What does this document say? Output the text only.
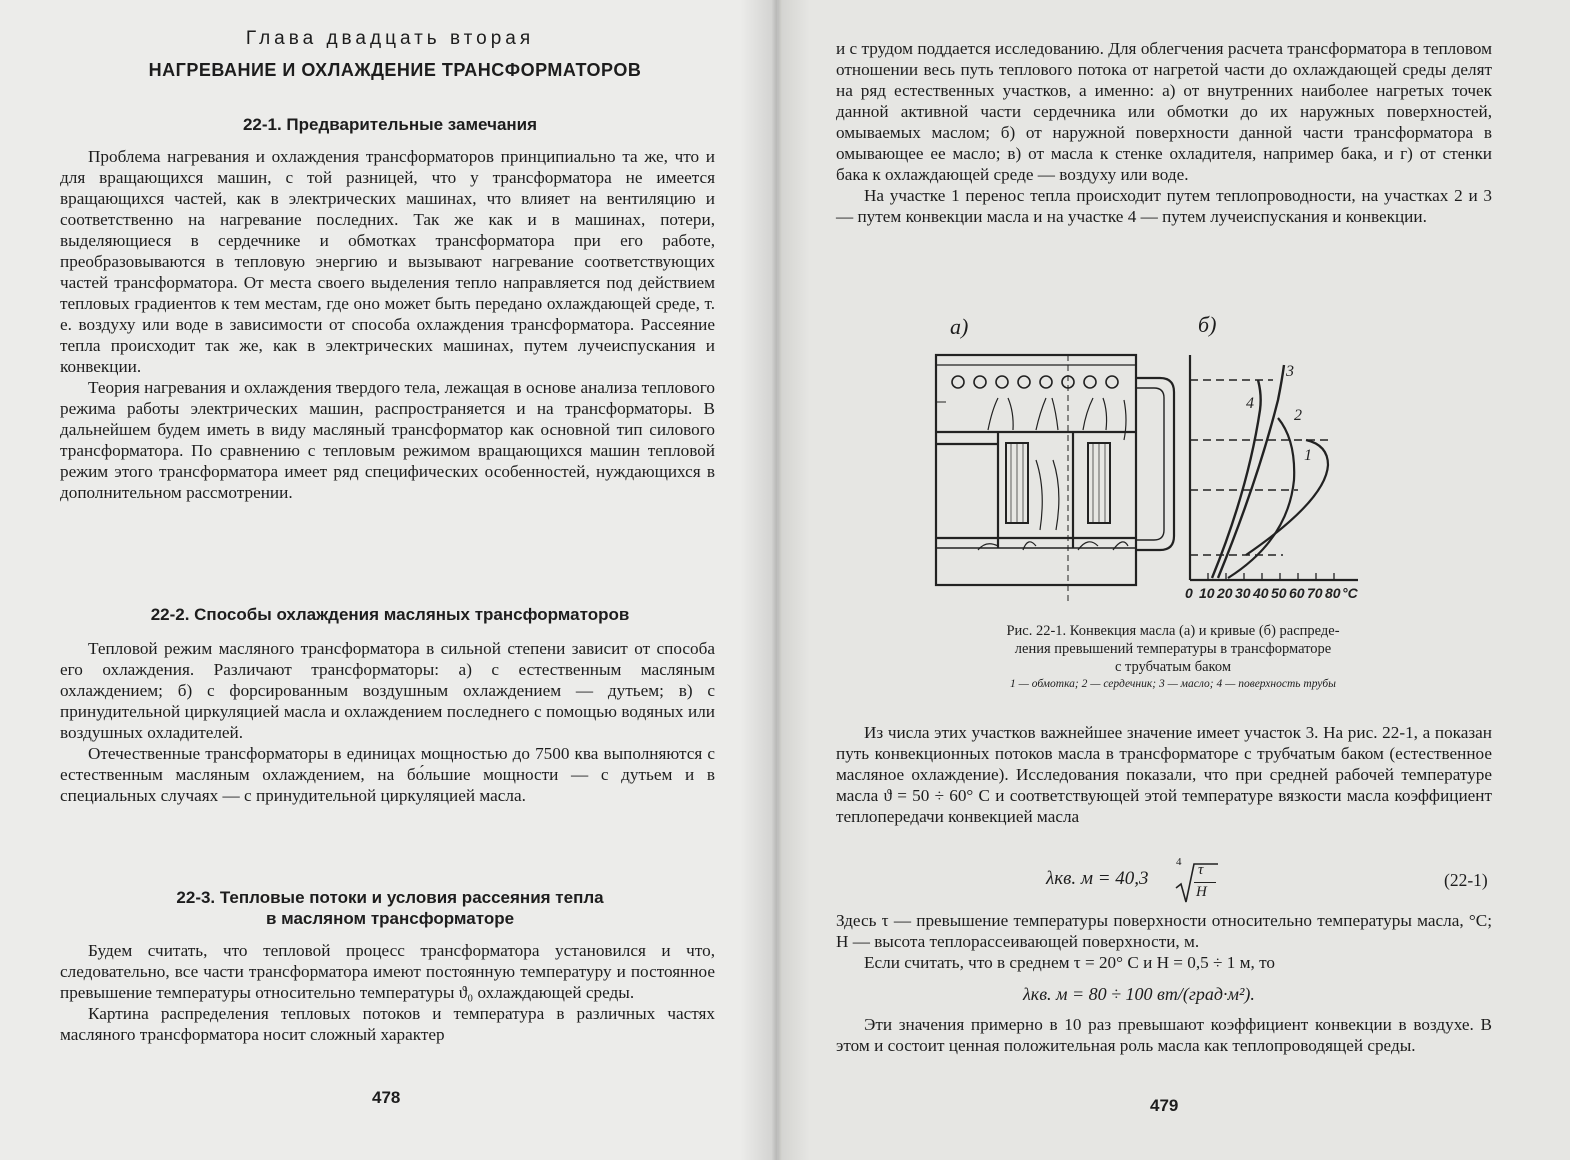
Глава двадцать вторая
НАГРЕВАНИЕ И ОХЛАЖДЕНИЕ ТРАНСФОРМАТОРОВ
22-1. Предварительные замечания

Проблема нагревания и охлаждения трансформаторов принципиально та же, что и для вращающихся машин, с той разницей, что у трансформатора не имеется вращающихся частей, как в электрических машинах, что влияет на вентиляцию и соответственно на нагревание последних. Так же как и в машинах, потери, выделяющиеся в сердечнике и обмотках трансформатора при его работе, преобразовываются в тепловую энергию и вызывают нагревание соответствующих частей трансформатора. От места своего выделения тепло направляется под действием тепловых градиентов к тем местам, где оно может быть передано охлаждающей среде, т. е. воздуху или воде в зависимости от способа охлаждения трансформатора. Рассеяние тепла происходит так же, как в электрических машинах, путем лучеиспускания и конвекции.

Теория нагревания и охлаждения твердого тела, лежащая в основе анализа теплового режима работы электрических машин, распространяется и на трансформаторы. В дальнейшем будем иметь в виду масляный трансформатор как основной тип силового трансформатора. По сравнению с тепловым режимом вращающихся машин тепловой режим этого трансформатора имеет ряд специфических особенностей, нуждающихся в дополнительном рассмотрении.

22-2. Способы охлаждения масляных трансформаторов

Тепловой режим масляного трансформатора в сильной степени зависит от способа его охлаждения. Различают трансформаторы: а) с естественным масляным охлаждением; б) с форсированным воздушным охлаждением — дутьем; в) с принудительной циркуляцией масла и охлаждением последнего с помощью водяных или воздушных охладителей.

Отечественные трансформаторы в единицах мощностью до 7500 ква выполняются с естественным масляным охлаждением, на бо́льшие мощности — с дутьем и в специальных случаях — с принудительной циркуляцией масла.

22-3. Тепловые потоки и условия рассеяния тепла
в масляном трансформаторе

Будем считать, что тепловой процесс трансформатора установился и что, следовательно, все части трансформатора имеют постоянную температуру и постоянное превышение температуры относительно температуры ϑ₀ охлаждающей среды.

Картина распределения тепловых потоков и температура в различных частях масляного трансформатора носит сложный характер

478

и с трудом поддается исследованию. Для облегчения расчета трансформатора в тепловом отношении весь путь теплового потока от нагретой части до охлаждающей среды делят на ряд естественных участков, а именно: а) от внутренних наиболее нагретых точек данной активной части сердечника или обмотки до их наружных поверхностей, омываемых маслом; б) от наружной поверхности данной части трансформатора в омывающее ее масло; в) от масла к стенке охладителя, например бака, и г) от стенки бака к охлаждающей среде — воздуху или воде.

На участке 1 перенос тепла происходит путем теплопроводности, на участках 2 и 3 — путем конвекции масла и на участке 4 — путем лучеиспускания и конвекции.

а)	б)
3
4
2
1
0 10 20 30 40 50 60 70 80 °C
Рис. 22-1. Конвекция масла (а) и кривые (б) распреде-
ления превышений температуры в трансформаторе
с трубчатым баком
1 — обмотка; 2 — сердечник; 3 — масло; 4 — поверхность трубы

Из числа этих участков важнейшее значение имеет участок 3. На рис. 22-1, а показан путь конвекционных потоков масла в трансформаторе с трубчатым баком (естественное масляное охлаждение). Исследования показали, что при средней рабочей температуре масла ϑ = 50 ÷ 60° C и соответствующей этой температуре вязкости масла коэффициент теплопередачи конвекцией масла

λкв. м = 40,3
4 τ
H
(22-1)

Здесь τ — превышение температуры поверхности относительно температуры масла, °C; H — высота теплорассеивающей поверхности, м.

Если считать, что в среднем τ = 20° C и H = 0,5 ÷ 1 м, то

λкв. м = 80 ÷ 100 вт/(град·м²).

Эти значения примерно в 10 раз превышают коэффициент конвекции в воздухе. В этом и состоит ценная положительная роль масла как теплопроводящей среды.

479
